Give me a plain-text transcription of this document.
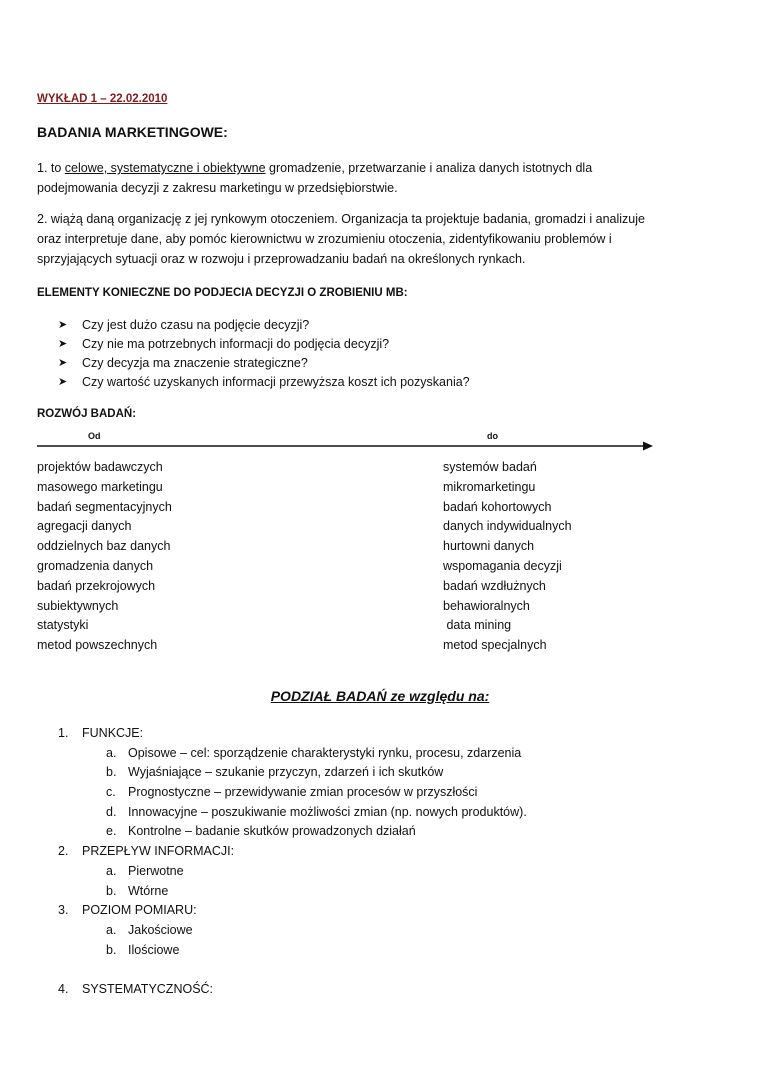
WYKŁAD 1 – 22.02.2010
BADANIA MARKETINGOWE:
1. to celowe, systematyczne i obiektywne gromadzenie, przetwarzanie i analiza danych istotnych dla
podejmowania decyzji z zakresu marketingu w przedsiębiorstwie.
2. wiążą daną organizację z jej rynkowym otoczeniem. Organizacja ta projektuje badania, gromadzi i analizuje
oraz interpretuje dane, aby pomóc kierownictwu w zrozumieniu otoczenia, zidentyfikowaniu problemów i
sprzyjających sytuacji oraz w rozwoju i przeprowadzaniu badań na określonych rynkach.
ELEMENTY KONIECZNE DO PODJECIA DECYZJI O ZROBIENIU MB:
➤ Czy jest dużo czasu na podjęcie decyzji?
➤ Czy nie ma potrzebnych informacji do podjęcia decyzji?
➤ Czy decyzja ma znaczenie strategiczne?
➤ Czy wartość uzyskanych informacji przewyższa koszt ich pozyskania?
ROZWÓJ BADAŃ:
Od	do
projektów badawczych
masowego marketingu
badań segmentacyjnych
agregacji danych
oddzielnych baz danych
gromadzenia danych
badań przekrojowych
subiektywnych
statystyki
metod powszechnych
systemów badań
mikromarketingu
badań kohortowych
danych indywidualnych
hurtowni danych
wspomagania decyzji
badań wzdłużnych
behawioralnych
data mining
metod specjalnych
PODZIAŁ BADAŃ ze względu na:
1. FUNKCJE:
a. Opisowe – cel: sporządzenie charakterystyki rynku, procesu, zdarzenia
b. Wyjaśniające – szukanie przyczyn, zdarzeń i ich skutków
c. Prognostyczne – przewidywanie zmian procesów w przyszłości
d. Innowacyjne – poszukiwanie możliwości zmian (np. nowych produktów).
e. Kontrolne – badanie skutków prowadzonych działań
2. PRZEPŁYW INFORMACJI:
a. Pierwotne
b. Wtórne
3. POZIOM POMIARU:
a. Jakościowe
b. Ilościowe
4. SYSTEMATYCZNOŚĆ:
